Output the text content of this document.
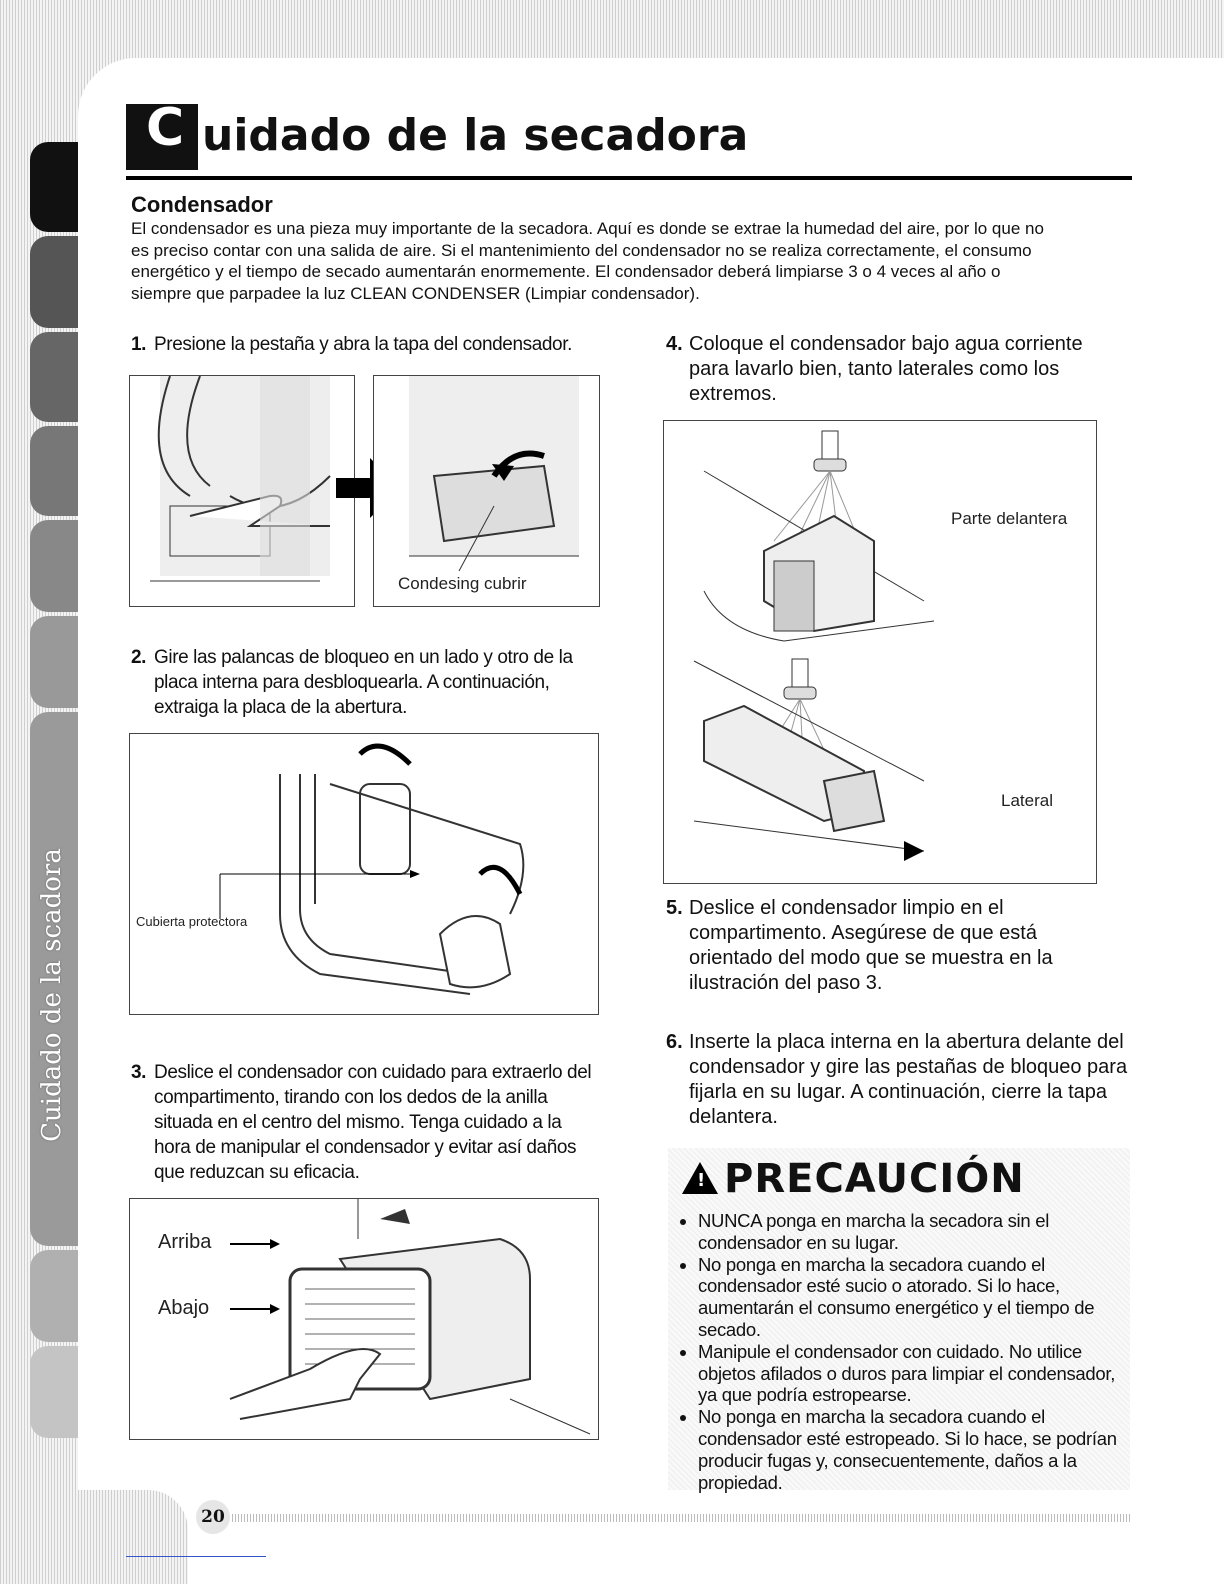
Cuidado de la scadora
C uidado de la secadora
Condensador
El condensador es una pieza muy importante de la secadora. Aquí es donde se extrae la humedad del aire, por lo que no es preciso contar con una salida de aire. Si el mantenimiento del condensador no se realiza correctamente, el consumo energético y el tiempo de secado aumentarán enormemente. El condensador deberá limpiarse 3 o 4 veces al año o siempre que parpadee la luz CLEAN CONDENSER (Limpiar condensador).
1. Presione la pestaña y abra la tapa del condensador.
Condesing cubrir
2. Gire las palancas de bloqueo en un lado y otro de la placa interna para desbloquearla. A continuación, extraiga la placa de la abertura.
Cubierta protectora
3. Deslice el condensador con cuidado para extraerlo del compartimento, tirando con los dedos de la anilla situada en el centro del mismo. Tenga cuidado a la hora de manipular el condensador y evitar así daños que reduzcan su eficacia.
Arriba
Abajo
4. Coloque el condensador bajo agua corriente para lavarlo bien, tanto laterales como los extremos.
Parte delantera
Lateral
5. Deslice el condensador limpio en el compartimento. Asegúrese de que está orientado del modo que se muestra en la ilustración del paso 3.
6. Inserte la placa interna en la abertura delante del condensador y gire las pestañas de bloqueo para fijarla en su lugar. A continuación, cierre la tapa delantera.
! PRECAUCIÓN
• NUNCA ponga en marcha la secadora sin el condensador en su lugar.
• No ponga en marcha la secadora cuando el condensador esté sucio o atorado. Si lo hace, aumentarán el consumo energético y el tiempo de secado.
• Manipule el condensador con cuidado. No utilice objetos afilados o duros para limpiar el condensador, ya que podría estropearse.
• No ponga en marcha la secadora cuando el condensador esté estropeado. Si lo hace, se podrían producir fugas y, consecuentemente, daños a la propiedad.
20
